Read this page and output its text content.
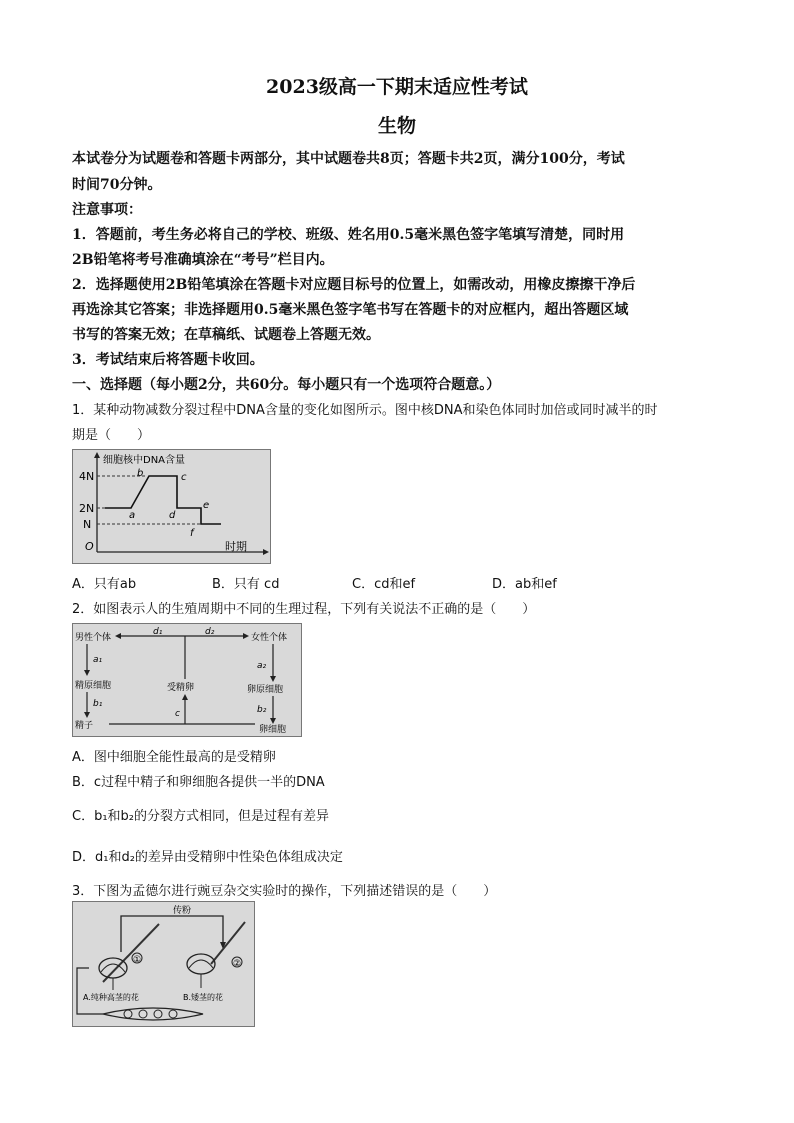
2023级高一下期末适应性考试
生物
本试卷分为试题卷和答题卡两部分，其中试题卷共8页；答题卡共2页，满分100分，考试
时间70分钟。
注意事项：
1．答题前，考生务必将自己的学校、班级、姓名用0.5毫米黑色签字笔填写清楚，同时用
2B铅笔将考号准确填涂在“考号”栏目内。
2．选择题使用2B铅笔填涂在答题卡对应题目标号的位置上，如需改动，用橡皮擦擦干净后
再选涂其它答案；非选择题用0.5毫米黑色签字笔书写在答题卡的对应框内，超出答题区域
书写的答案无效；在草稿纸、试题卷上答题无效。
3．考试结束后将答题卡收回。
一、选择题（每小题2分，共60分。每小题只有一个选项符合题意。）
1．某种动物减数分裂过程中DNA含量的变化如图所示。图中核DNA和染色体同时加倍或同时减半的时
期是（　　）
4N
2N
N
O
细胞核中DNA含量
a
b	c
d
e
f
时期
A．只有ab	B．只有 cd	C．cd和ef	D．ab和ef
2．如图表示人的生殖周期中不同的生理过程，下列有关说法不正确的是（　　）
男性个体	女性个体
d₁	d₂
a₁
a₂
精原细胞	受精卵	卵原细胞
b₁
b₂
c
精子	卵细胞
A．图中细胞全能性最高的是受精卵
B．c过程中精子和卵细胞各提供一半的DNA
C．b₁和b₂的分裂方式相同，但是过程有差异
D．d₁和d₂的差异由受精卵中性染色体组成决定
3．下图为孟德尔进行豌豆杂交实验时的操作，下列描述错误的是（　　）
传粉
①	②
A.纯种高茎的花	B.矮茎的花
